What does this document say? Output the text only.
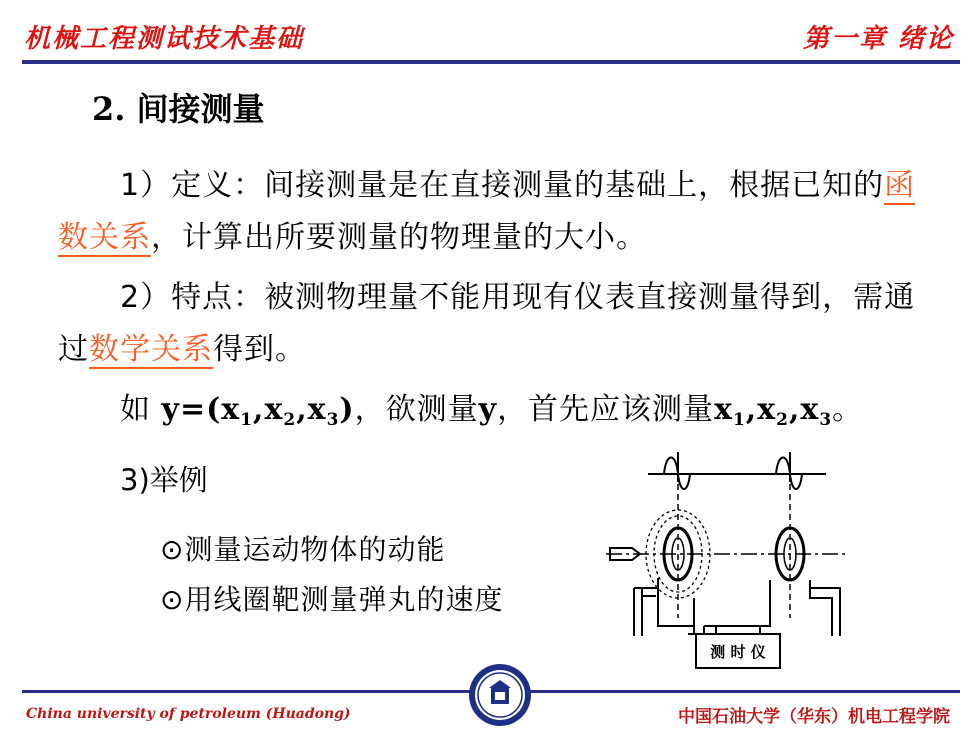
机械工程测试技术基础	第一章 绪论
2. 间接测量
1）定义：间接测量是在直接测量的基础上，根据已知的函数关系，计算出所要测量的物理量的大小。
2）特点：被测物理量不能用现有仪表直接测量得到，需通过数学关系得到。
如 $y=(x_1,x_2,x_3)$，欲测量y，首先应该测量$x_1,x_2,x_3$。
3)举例
⊙测量运动物体的动能
⊙用线圈靶测量弹丸的速度
测 时 仪
China university of petroleum (Huadong)	中国石油大学（华东）机电工程学院
